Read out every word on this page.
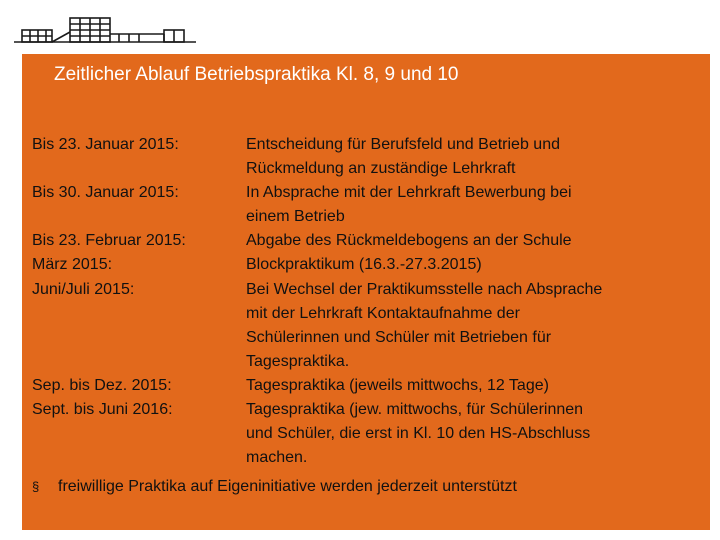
Zeitlicher Ablauf Betriebspraktika Kl. 8, 9 und 10
Bis 23. Januar 2015:	Entscheidung für Berufsfeld und Betrieb und
Rückmeldung an zuständige Lehrkraft
Bis 30. Januar 2015:	In Absprache mit der Lehrkraft Bewerbung bei
einem Betrieb
Bis 23. Februar 2015:	Abgabe des Rückmeldebogens an der Schule
März 2015:	Blockpraktikum (16.3.-27.3.2015)
Juni/Juli 2015:	Bei Wechsel der Praktikumsstelle nach Absprache
mit der Lehrkraft Kontaktaufnahme der
Schülerinnen und Schüler mit Betrieben für
Tagespraktika.
Sep. bis Dez. 2015:	Tagespraktika (jeweils mittwochs, 12 Tage)
Sept. bis Juni 2016:	Tagespraktika (jew. mittwochs, für Schülerinnen
und Schüler, die erst in Kl. 10 den HS-Abschluss
machen.
§ freiwillige Praktika auf Eigeninitiative werden jederzeit unterstützt
